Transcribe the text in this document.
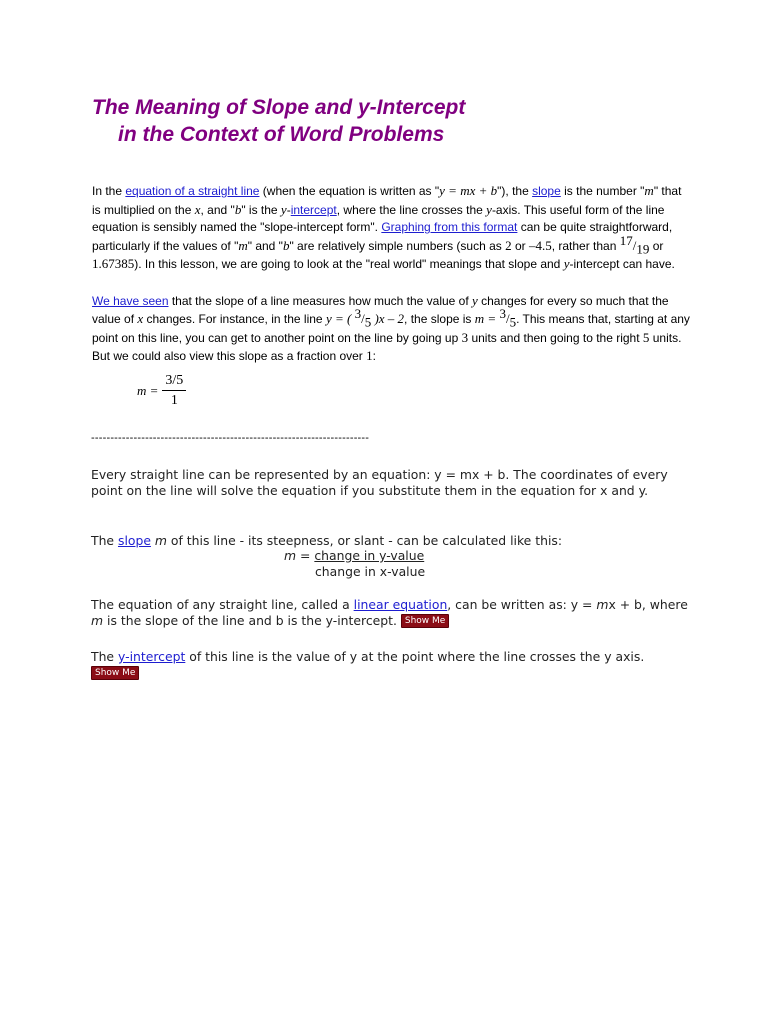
The Meaning of Slope and y-Intercept
in the Context of Word Problems

In the equation of a straight line (when the equation is written as "y = mx + b"), the slope is the number "m" that is multiplied on the x, and "b" is the y-intercept, where the line crosses the y-axis. This useful form of the line equation is sensibly named the "slope-intercept form". Graphing from this format can be quite straightforward, particularly if the values of "m" and "b" are relatively simple numbers (such as 2 or –4.5, rather than $^{17}/_{19}$ or 1.67385). In this lesson, we are going to look at the "real world" meanings that slope and y-intercept can have.

We have seen that the slope of a line measures how much the value of y changes for every so much that the value of x changes. For instance, in the line y = ( $^3/_5$ )x – 2, the slope is $m = ^3/_5$. This means that, starting at any point on this line, you can get to another point on the line by going up 3 units and then going to the right 5 units. But we could also view this slope as a fraction over 1:

$m = \frac{3/5}{1}$
------------------------------------------------------------------------
Every straight line can be represented by an equation: y = mx + b. The coordinates of every point on the line will solve the equation if you substitute them in the equation for x and y.
The slope m of this line - its steepness, or slant - can be calculated like this:
m = change in y-value
change in x-value
The equation of any straight line, called a linear equation, can be written as: y = mx + b, where m is the slope of the line and b is the y-intercept. Show Me
The y-intercept of this line is the value of y at the point where the line crosses the y axis.
Show Me
